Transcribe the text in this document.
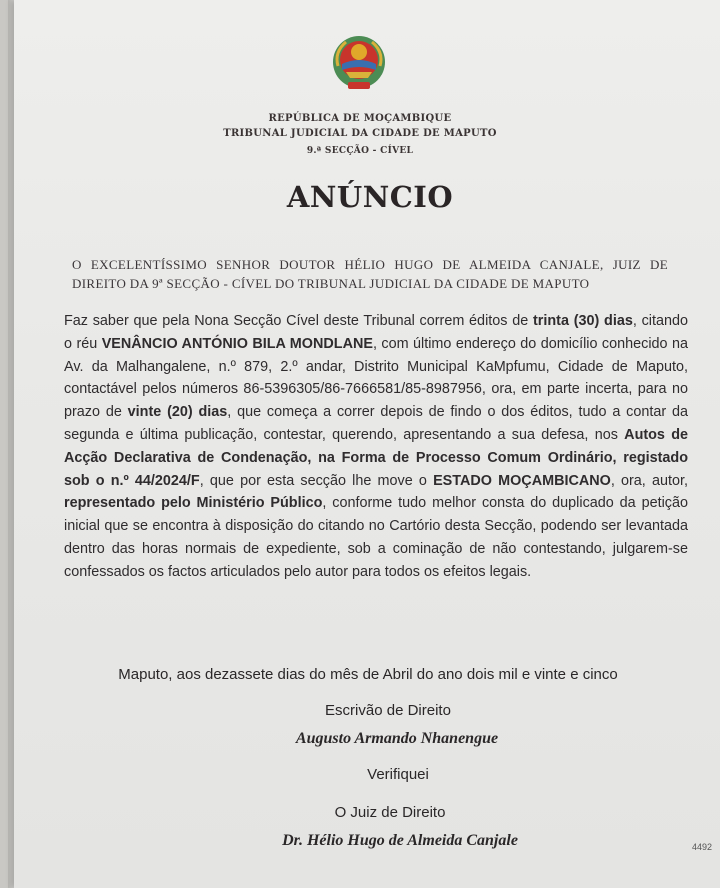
REPÚBLICA DE MOÇAMBIQUE
TRIBUNAL JUDICIAL DA CIDADE DE MAPUTO
9.ª SECÇÃO - CÍVEL
ANÚNCIO
O EXCELENTÍSSIMO SENHOR DOUTOR HÉLIO HUGO DE ALMEIDA CANJALE, JUIZ DE DIREITO DA 9ª SECÇÃO - CÍVEL DO TRIBUNAL JUDICIAL DA CIDADE DE MAPUTO
Faz saber que pela Nona Secção Cível deste Tribunal correm éditos de trinta (30) dias, citando o réu VENÂNCIO ANTÓNIO BILA MONDLANE, com último endereço do domicílio conhecido na Av. da Malhangalene, n.º 879, 2.º andar, Distrito Municipal KaMpfumu, Cidade de Maputo, contactável pelos números 86-5396305/86-7666581/85-8987956, ora, em parte incerta, para no prazo de vinte (20) dias, que começa a correr depois de findo o dos éditos, tudo a contar da segunda e última publicação, contestar, querendo, apresentando a sua defesa, nos Autos de Acção Declarativa de Condenação, na Forma de Processo Comum Ordinário, registado sob o n.º 44/2024/F, que por esta secção lhe move o ESTADO MOÇAMBICANO, ora, autor, representado pelo Ministério Público, conforme tudo melhor consta do duplicado da petição inicial que se encontra à disposição do citando no Cartório desta Secção, podendo ser levantada dentro das horas normais de expediente, sob a cominação de não contestando, julgarem-se confessados os factos articulados pelo autor para todos os efeitos legais.
Maputo, aos dezassete dias do mês de Abril do ano dois mil e vinte e cinco
Escrivão de Direito
Augusto Armando Nhanengue
Verifiquei
O Juiz de Direito
Dr. Hélio Hugo de Almeida Canjale	4492
